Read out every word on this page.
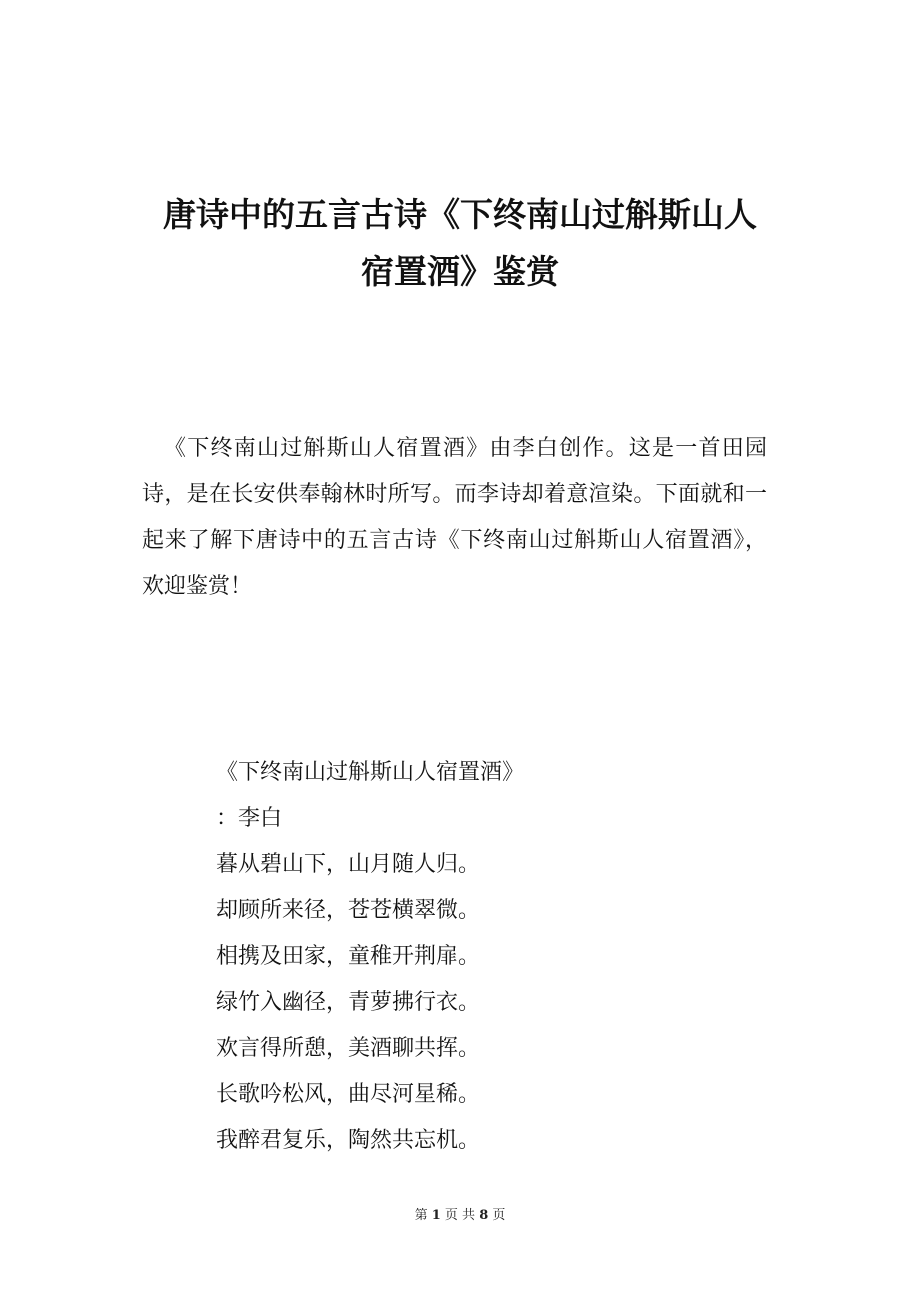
唐诗中的五言古诗《下终南山过斛斯山人
宿置酒》鉴赏

《下终南山过斛斯山人宿置酒》由李白创作。这是一首田园诗，是在长安供奉翰林时所写。而李诗却着意渲染。下面就和一起来了解下唐诗中的五言古诗《下终南山过斛斯山人宿置酒》，欢迎鉴赏！

《下终南山过斛斯山人宿置酒》
：李白
暮从碧山下，山月随人归。
却顾所来径，苍苍横翠微。
相携及田家，童稚开荆扉。
绿竹入幽径，青萝拂行衣。
欢言得所憩，美酒聊共挥。
长歌吟松风，曲尽河星稀。
我醉君复乐，陶然共忘机。
第 1 页 共 8 页
